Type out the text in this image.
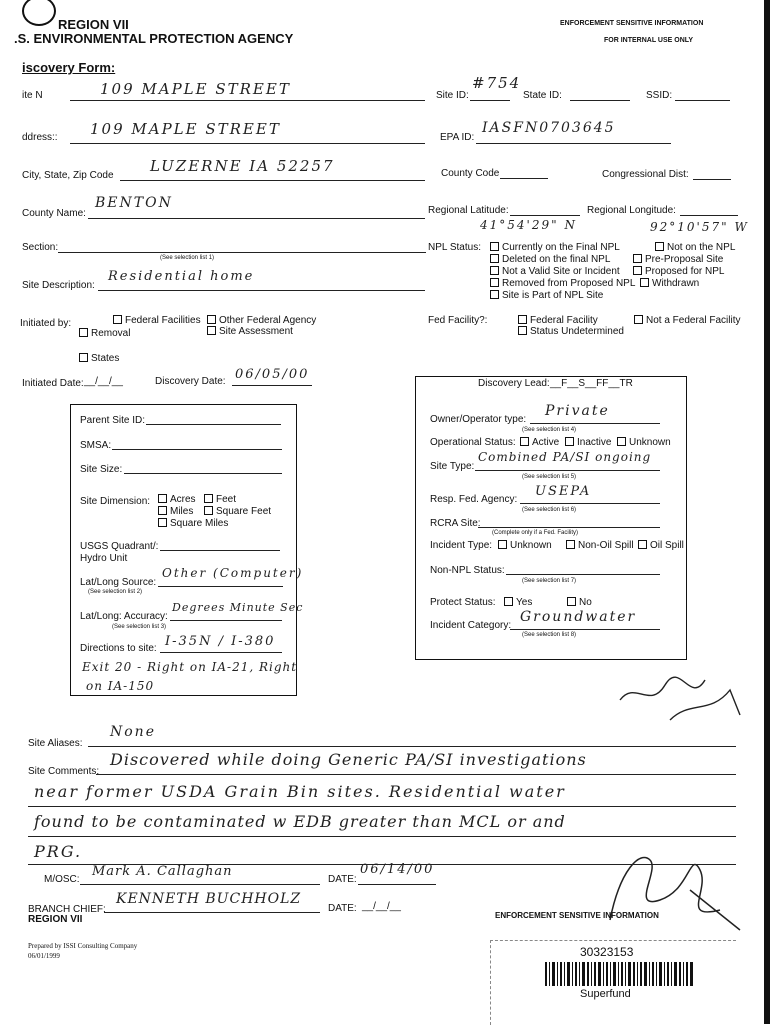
REGION VII
.S. ENVIRONMENTAL PROTECTION AGENCY
ENFORCEMENT SENSITIVE INFORMATION
FOR INTERNAL USE ONLY
iscovery Form:
ite N	109 MAPLE STREET	Site ID:
#754
State ID:	SSID:
ddress:: 109 MAPLE STREET	EPA ID:
IASFN0703645
City, State, Zip Code
LUZERNE IA 52257	County Code	Congressional Dist:
County Name:
BENTON	Regional Latitude:	Regional Longitude:
41°54'29" N	92°10'57" W
Section:
(See selection list 1)
NPL Status:	Currently on the Final NPL	Not on the NPL
Deleted on the final NPL	Pre-Proposal Site
Not a Valid Site or Incident	Proposed for NPL
Removed from Proposed NPL	Withdrawn
Site is Part of NPL Site
Site Description:
Residential home
Initiated by:	Federal Facilities	Other Federal Agency
Removal	Site Assessment
States
Fed Facility?:	Federal Facility	Not a Federal Facility
Status Undetermined
Initiated Date: __/__/__	Discovery Date: 06/05/00
Parent Site ID:
SMSA:
Site Size:
Site Dimension:	Acres	Feet
Miles	Square Feet
Square Miles
USGS Quadrant/:
Hydro Unit
Lat/Long Source:
Other (Computer)
(See selection list 2)
Lat/Long: Accuracy:
Degrees Minute Sec
(See selection list 3)
Directions to site: I-35N / I-380
Exit 20 - Right on IA-21, Right
on IA-150
Discovery Lead: __F__S__FF__TR
Owner/Operator type:
Private
(See selection list 4)
Operational Status:	Active	Inactive	Unknown
Site Type:
Combined PA/SI ongoing
(See selection list 5)
Resp. Fed. Agency:
USEPA
(See selection list 6)
RCRA Site:
(Complete only if a Fed. Facility)
Incident Type:	Unknown	Non-Oil Spill	Oil Spill
Non-NPL Status:
(See selection list 7)
Protect Status:	Yes	No
Incident Category:
Groundwater
(See selection list 8)
Site Aliases:
None
Site Comments:
Discovered while doing Generic PA/SI investigations
near former USDA Grain Bin sites. Residential water
found to be contaminated w EDB greater than MCL or and
PRG.
M/OSC:
Mark A. Callaghan
DATE:
06/14/00
BRANCH CHIEF:
REGION VII
KENNETH BUCHHOLZ
DATE: __/__/__
ENFORCEMENT SENSITIVE INFORMATION
Prepared by ISSI Consulting Company
06/01/1999	30323153
Superfund
